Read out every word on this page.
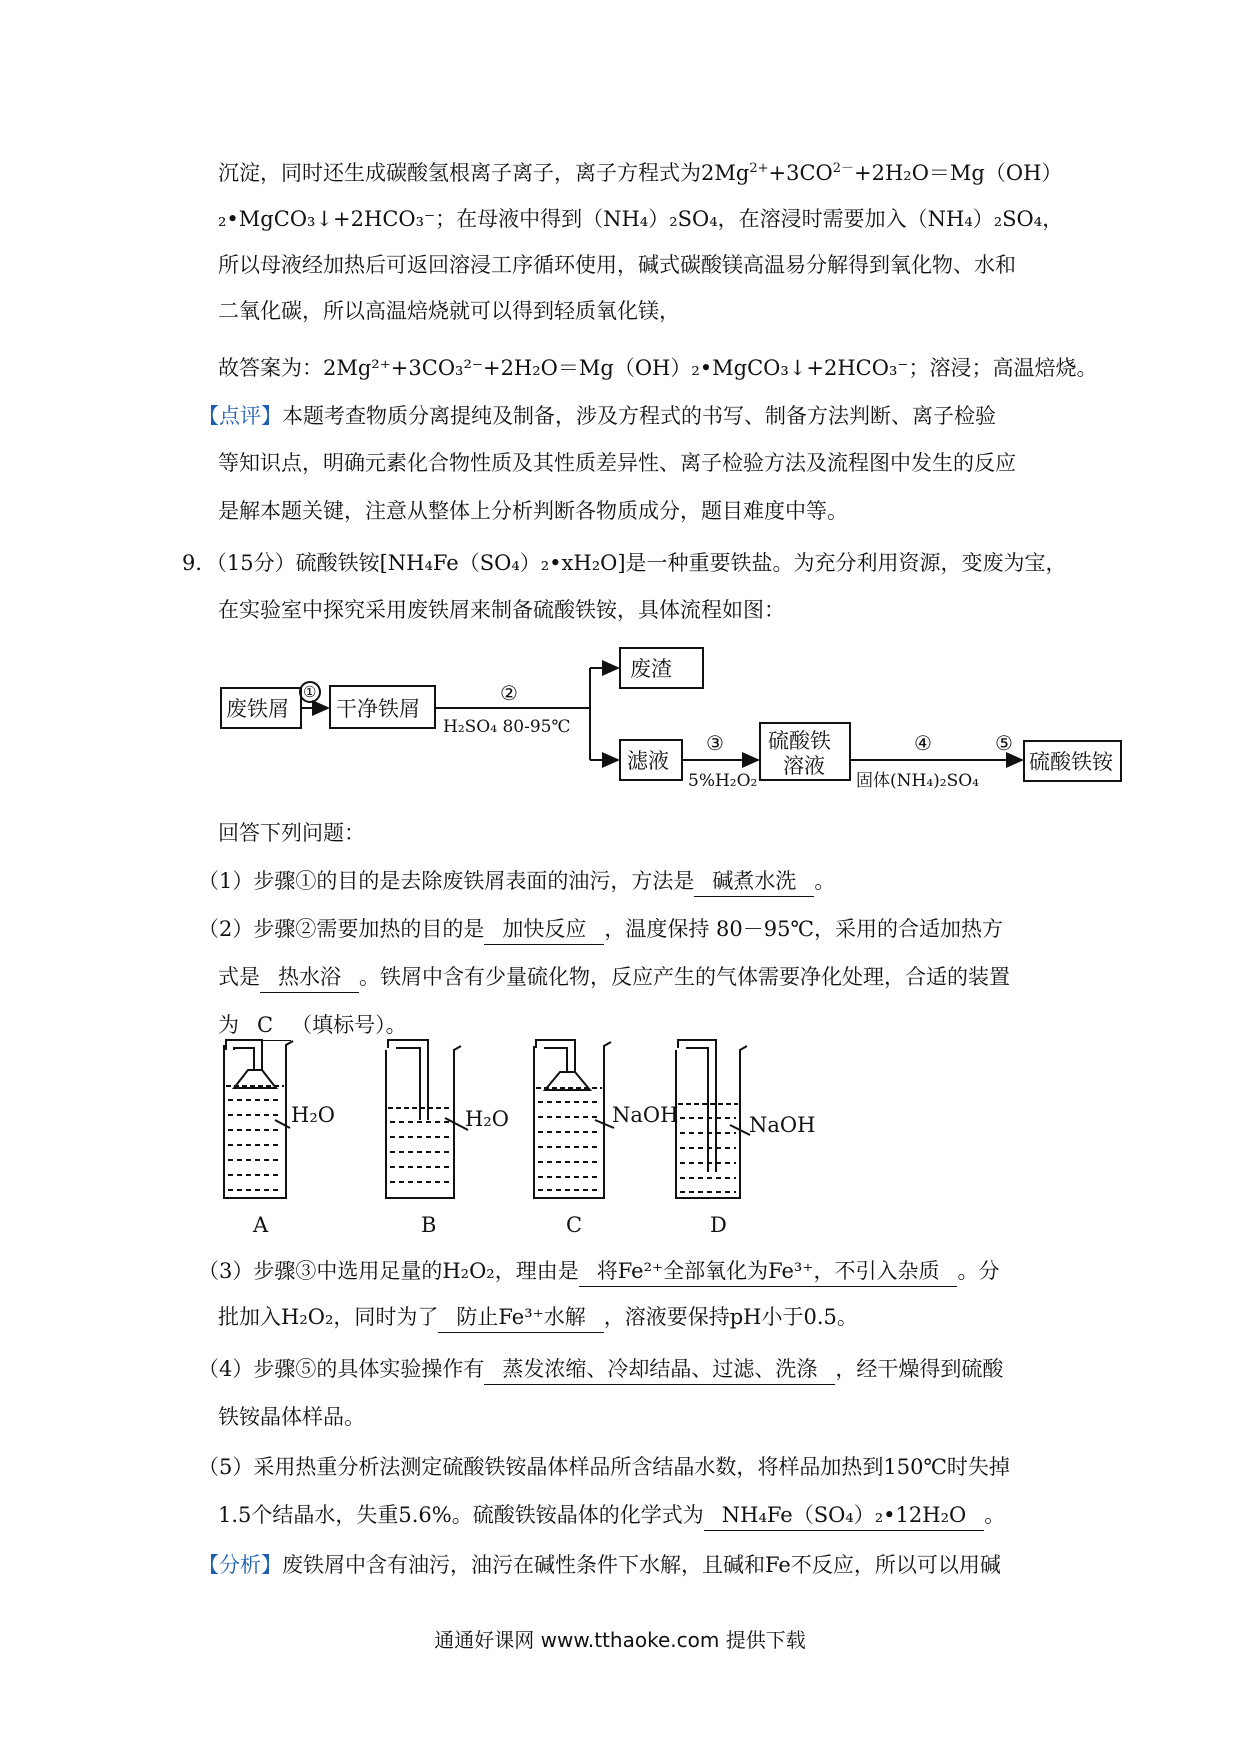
沉淀，同时还生成碳酸氢根离子离子，离子方程式为$2Mg^{2+}+3CO^{2-}+2H_2O=Mg(OH)$
₂•MgCO₃↓+2HCO₃⁻；在母液中得到（NH₄）₂SO₄，在溶浸时需要加入（NH₄）₂SO₄，
所以母液经加热后可返回溶浸工序循环使用，碱式碳酸镁高温易分解得到氧化物、水和
二氧化碳，所以高温焙烧就可以得到轻质氧化镁，
故答案为：2Mg²⁺+3CO₃²⁻+2H₂O＝Mg（OH）₂•MgCO₃↓+2HCO₃⁻；溶浸；高温焙烧。
【点评】本题考查物质分离提纯及制备，涉及方程式的书写、制备方法判断、离子检验
等知识点，明确元素化合物性质及其性质差异性、离子检验方法及流程图中发生的反应
是解本题关键，注意从整体上分析判断各物质成分，题目难度中等。
9．（15分）硫酸铁铵[NH₄Fe（SO₄）₂•xH₂O]是一种重要铁盐。为充分利用资源，变废为宝，
在实验室中探究采用废铁屑来制备硫酸铁铵，具体流程如图：
废铁屑 干净铁屑
废渣
滤液
硫酸铁
溶液	硫酸铁铵
②
③	④	⑤
①
H₂SO₄ 80-95℃
5%H₂O₂	固体(NH₄)₂SO₄
回答下列问题：
（1）步骤①的目的是去除废铁屑表面的油污，方法是 碱煮水洗 。
（2）步骤②需要加热的目的是 加快反应 ，温度保持 80－95℃，采用的合适加热方
式是 热水浴 。铁屑中含有少量硫化物，反应产生的气体需要净化处理，合适的装置
为 C （填标号）。
H₂O	H₂O	NaOH	NaOH
A	B	C	D
（3）步骤③中选用足量的H₂O₂，理由是 将Fe²⁺全部氧化为Fe³⁺，不引入杂质 。分
批加入H₂O₂，同时为了 防止Fe³⁺水解 ，溶液要保持pH小于0.5。
（4）步骤⑤的具体实验操作有 蒸发浓缩、冷却结晶、过滤、洗涤 ，经干燥得到硫酸
铁铵晶体样品。
（5）采用热重分析法测定硫酸铁铵晶体样品所含结晶水数，将样品加热到150℃时失掉
1.5个结晶水，失重5.6%。硫酸铁铵晶体的化学式为 NH₄Fe（SO₄）₂•12H₂O 。
【分析】废铁屑中含有油污，油污在碱性条件下水解，且碱和Fe不反应，所以可以用碱
通通好课网 www.tthaoke.com 提供下载
